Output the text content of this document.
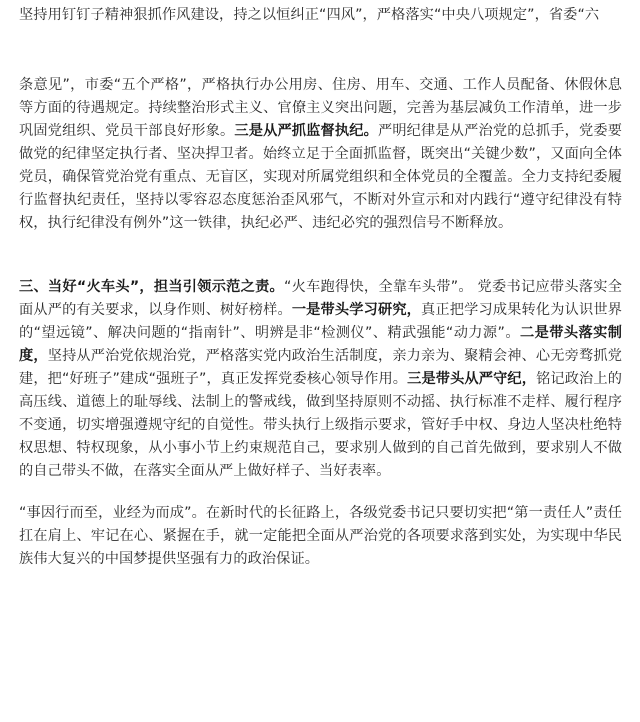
坚持用钉钉子精神狠抓作风建设，持之以恒纠正“四风”，严格落实“中央八项规定”，省委“六

条意见”，市委“五个严格”，严格执行办公用房、住房、用车、交通、工作人员配备、休假休息等方面的待遇规定。持续整治形式主义、官僚主义突出问题，完善为基层减负工作清单，进一步巩固党组织、党员干部良好形象。三是从严抓监督执纪。严明纪律是从严治党的总抓手，党委要做党的纪律坚定执行者、坚决捍卫者。始终立足于全面抓监督，既突出“关键少数”，又面向全体党员，确保管党治党有重点、无盲区，实现对所属党组织和全体党员的全覆盖。全力支持纪委履行监督执纪责任，坚持以零容忍态度惩治歪风邪气，不断对外宣示和对内践行“遵守纪律没有特权，执行纪律没有例外”这一铁律，执纪必严、违纪必究的强烈信号不断释放。

三、当好“火车头”，担当引领示范之责。“火车跑得快，全靠车头带”。 党委书记应带头落实全面从严的有关要求，以身作则、树好榜样。一是带头学习研究，真正把学习成果转化为认识世界的“望远镜”、解决问题的“指南针”、明辨是非“检测仪”、精武强能“动力源”。二是带头落实制度，坚持从严治党依规治党，严格落实党内政治生活制度，亲力亲为、聚精会神、心无旁骛抓党建，把“好班子”建成“强班子”，真正发挥党委核心领导作用。三是带头从严守纪，铭记政治上的高压线、道德上的耻辱线、法制上的警戒线，做到坚持原则不动摇、执行标准不走样、履行程序不变通，切实增强遵规守纪的自觉性。带头执行上级指示要求，管好手中权、身边人坚决杜绝特权思想、特权现象，从小事小节上约束规范自己，要求别人做到的自己首先做到，要求别人不做的自己带头不做，在落实全面从严上做好样子、当好表率。

“事因行而至，业经为而成”。在新时代的长征路上，各级党委书记只要切实把“第一责任人”责任扛在肩上、牢记在心、紧握在手，就一定能把全面从严治党的各项要求落到实处，为实现中华民族伟大复兴的中国梦提供坚强有力的政治保证。
